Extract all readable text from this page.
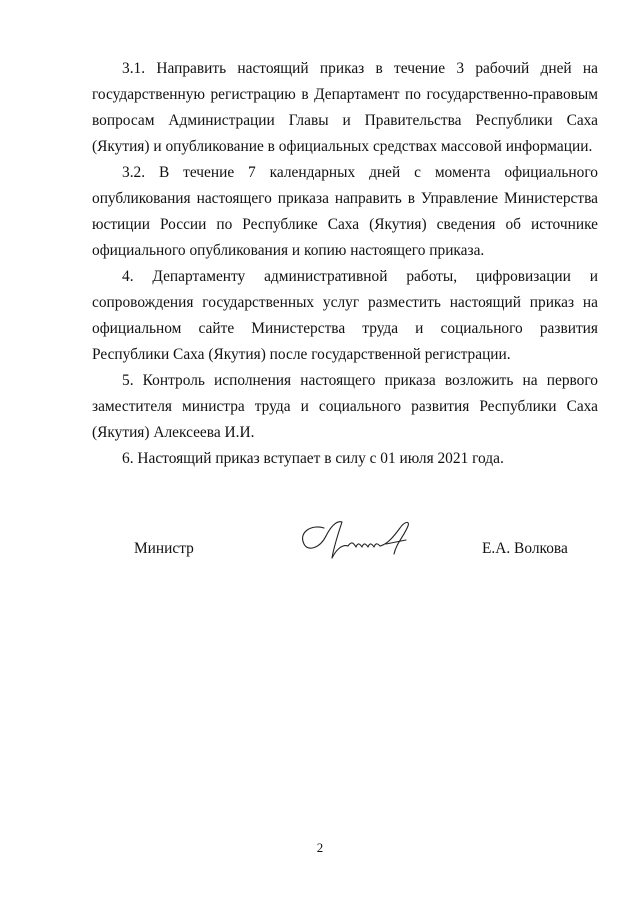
3.1. Направить настоящий приказ в течение 3 рабочий дней на государственную регистрацию в Департамент по государственно-правовым вопросам Администрации Главы и Правительства Республики Саха (Якутия) и опубликование в официальных средствах массовой информации.

3.2. В течение 7 календарных дней с момента официального опубликования настоящего приказа направить в Управление Министерства юстиции России по Республике Саха (Якутия) сведения об источнике официального опубликования и копию настоящего приказа.

4. Департаменту административной работы, цифровизации и сопровождения государственных услуг разместить настоящий приказ на официальном сайте Министерства труда и социального развития Республики Саха (Якутия) после государственной регистрации.

5. Контроль исполнения настоящего приказа возложить на первого заместителя министра труда и социального развития Республики Саха (Якутия) Алексеева И.И.

6. Настоящий приказ вступает в силу с 01 июля 2021 года.

Министр	Е.А. Волкова
2
